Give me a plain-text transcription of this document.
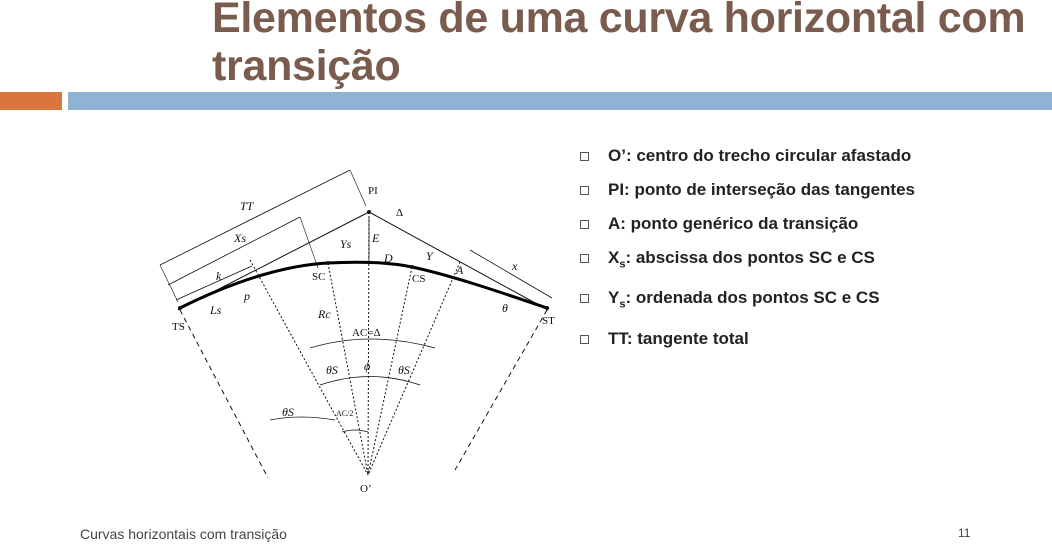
Elementos de uma curva horizontal com transição
PI
Δ
TT
Xs	Ys E
D	Y
A	x
k	SC	CS
p
Ls
TS	ST
Rc	θ
AC=Δ
θS ϕ θS
θS	AC/2
O’
O’: centro do trecho circular afastado
PI: ponto de interseção das tangentes
A: ponto genérico da transição
$X_s$: abscissa dos pontos SC e CS
$Y_s$: ordenada dos pontos SC e CS
TT: tangente total
Curvas horizontais com transição	11
